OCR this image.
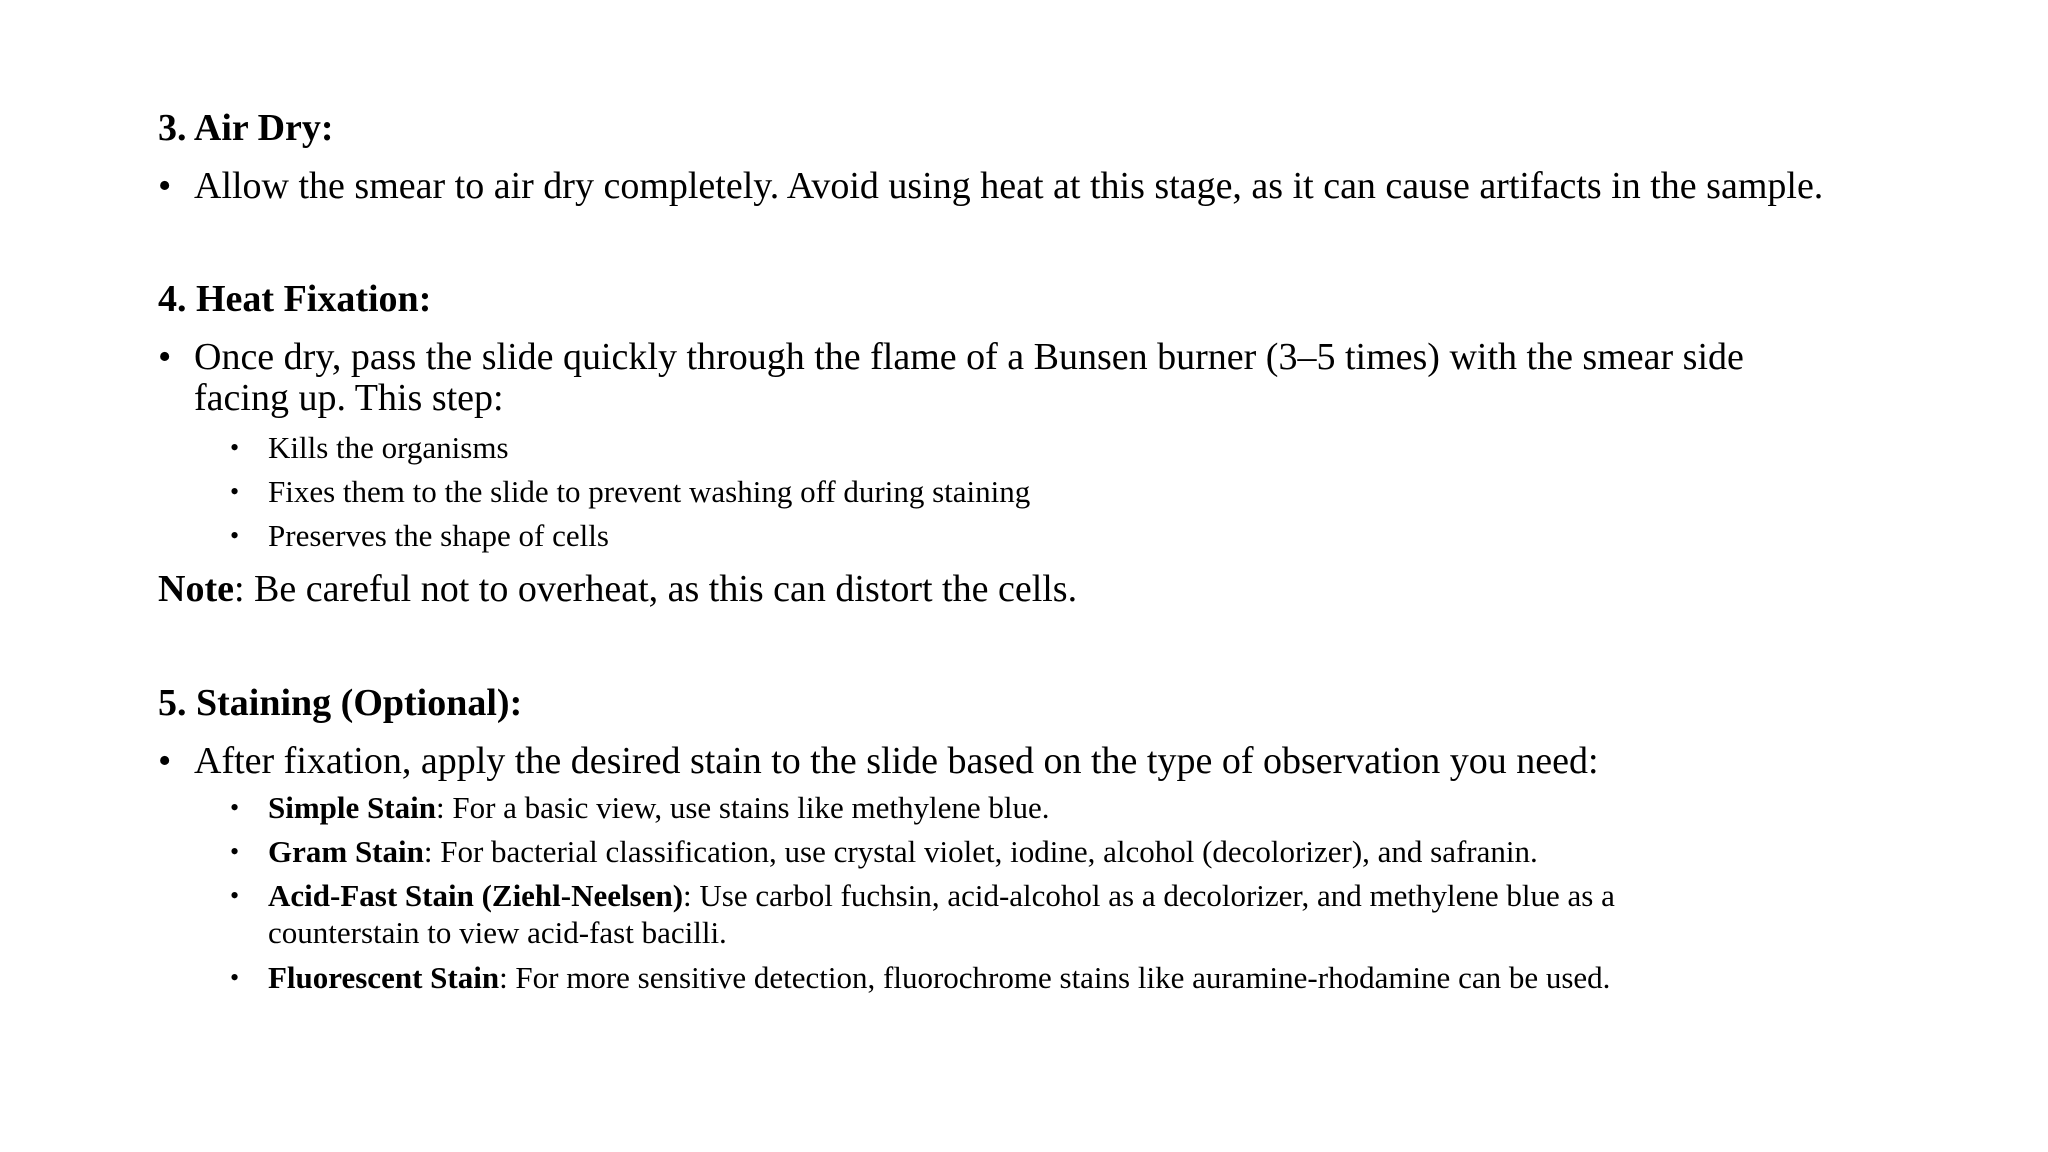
3. Air Dry:
• Allow the smear to air dry completely. Avoid using heat at this stage, as it can cause artifacts in the sample.
4. Heat Fixation:
• Once dry, pass the slide quickly through the flame of a Bunsen burner (3–5 times) with the smear side
facing up. This step:
• Kills the organisms
• Fixes them to the slide to prevent washing off during staining
• Preserves the shape of cells
Note: Be careful not to overheat, as this can distort the cells.
5. Staining (Optional):
• After fixation, apply the desired stain to the slide based on the type of observation you need:
• Simple Stain: For a basic view, use stains like methylene blue.
• Gram Stain: For bacterial classification, use crystal violet, iodine, alcohol (decolorizer), and safranin.
• Acid-Fast Stain (Ziehl-Neelsen): Use carbol fuchsin, acid-alcohol as a decolorizer, and methylene blue as a
counterstain to view acid-fast bacilli.
• Fluorescent Stain: For more sensitive detection, fluorochrome stains like auramine-rhodamine can be used.
